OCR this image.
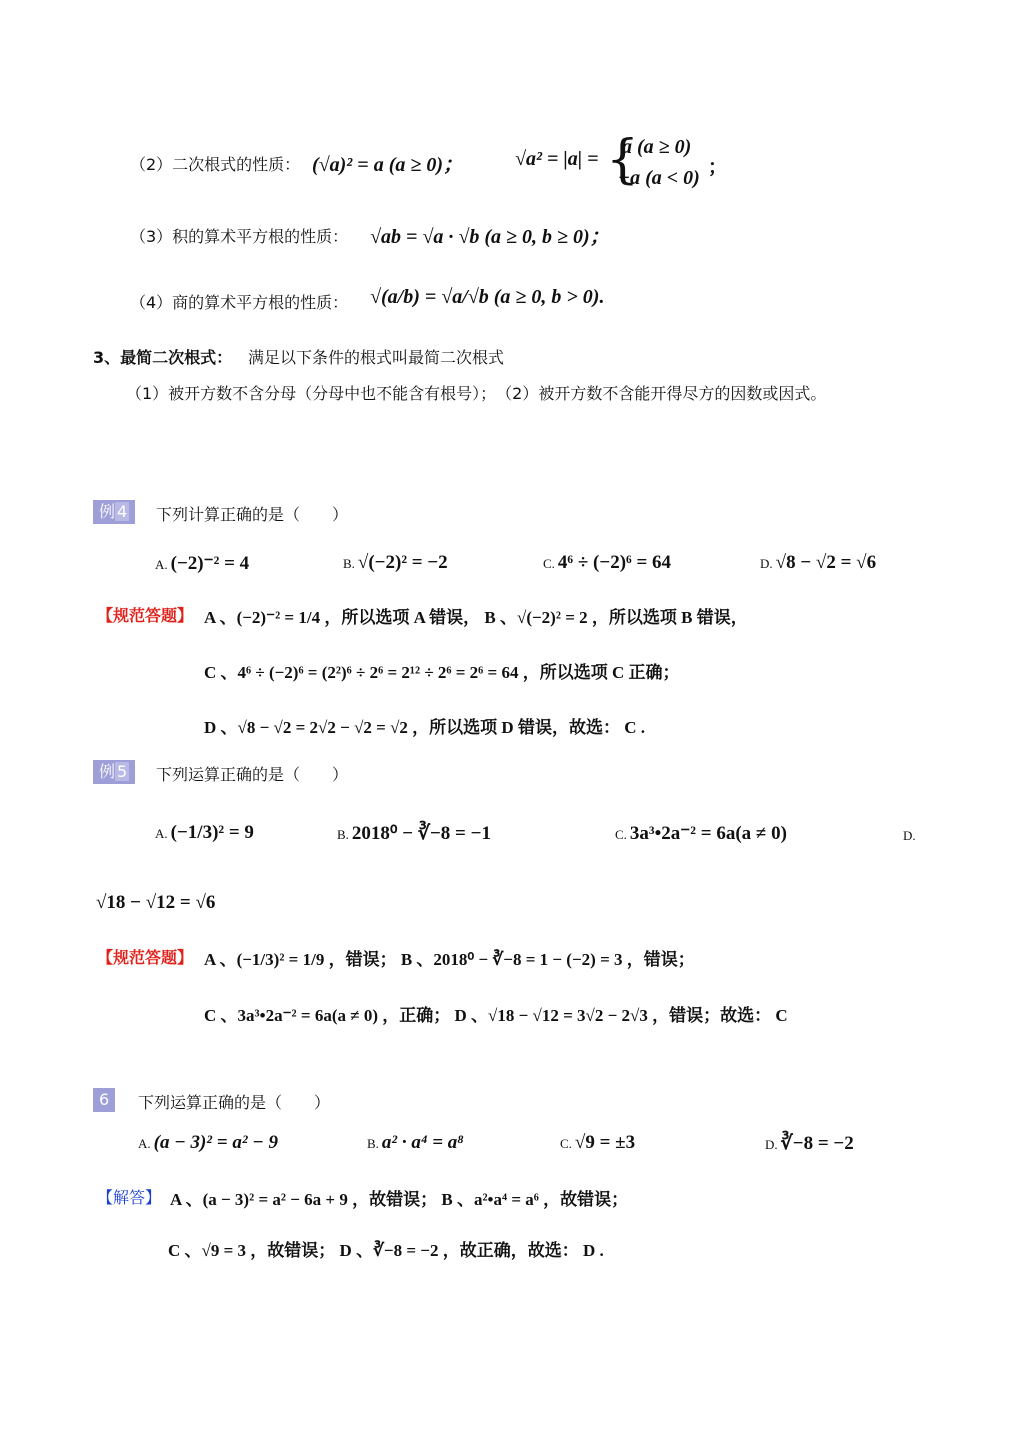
（2）二次根式的性质： (√a)² = a (a ≥ 0)；	√a² = |a| = {
a (a ≥ 0)
−a (a < 0) ；
（3）积的算术平方根的性质： √ab = √a · √b (a ≥ 0, b ≥ 0)；
（4）商的算术平方根的性质： √(a/b) = √a/√b (a ≥ 0, b > 0).
3、最简二次根式： 满足以下条件的根式叫最简二次根式
（1）被开方数不含分母（分母中也不能含有根号）；　（2）被开方数不含能开得尽方的因数或因式。
例 4	下列计算正确的是（　　）
A. (−2)⁻² = 4	B. √(−2)² = −2	C. 4⁶ ÷ (−2)⁶ = 64	D. √8 − √2 = √6
【规范答题】 A 、(−2)⁻² = 1/4 ，所以选项 A 错误， B 、√(−2)² = 2 ，所以选项 B 错误，
C 、4⁶ ÷ (−2)⁶ = (2²)⁶ ÷ 2⁶ = 2¹² ÷ 2⁶ = 2⁶ = 64 ，所以选项 C 正确；
D 、√8 − √2 = 2√2 − √2 = √2 ，所以选项 D 错误，故选： C .
例 5	下列运算正确的是（　　）
A. (−1/3)² = 9	B. 2018⁰ − ∛−8 = −1	C. 3a³•2a⁻² = 6a(a ≠ 0)	D.
√18 − √12 = √6
【规范答题】 A 、(−1/3)² = 1/9 ，错误； B 、2018⁰ − ∛−8 = 1 − (−2) = 3 ，错误；
C 、3a³•2a⁻² = 6a(a ≠ 0) ，正确； D 、√18 − √12 = 3√2 − 2√3 ，错误；故选： C
6	下列运算正确的是（　　）
A. (a − 3)² = a² − 9	B. a² · a⁴ = a⁸	C. √9 = ±3	D. ∛−8 = −2
【解答】 A 、(a − 3)² = a² − 6a + 9 ，故错误； B 、a²•a⁴ = a⁶ ，故错误；
C 、√9 = 3 ，故错误； D 、∛−8 = −2 ，故正确，故选： D .
